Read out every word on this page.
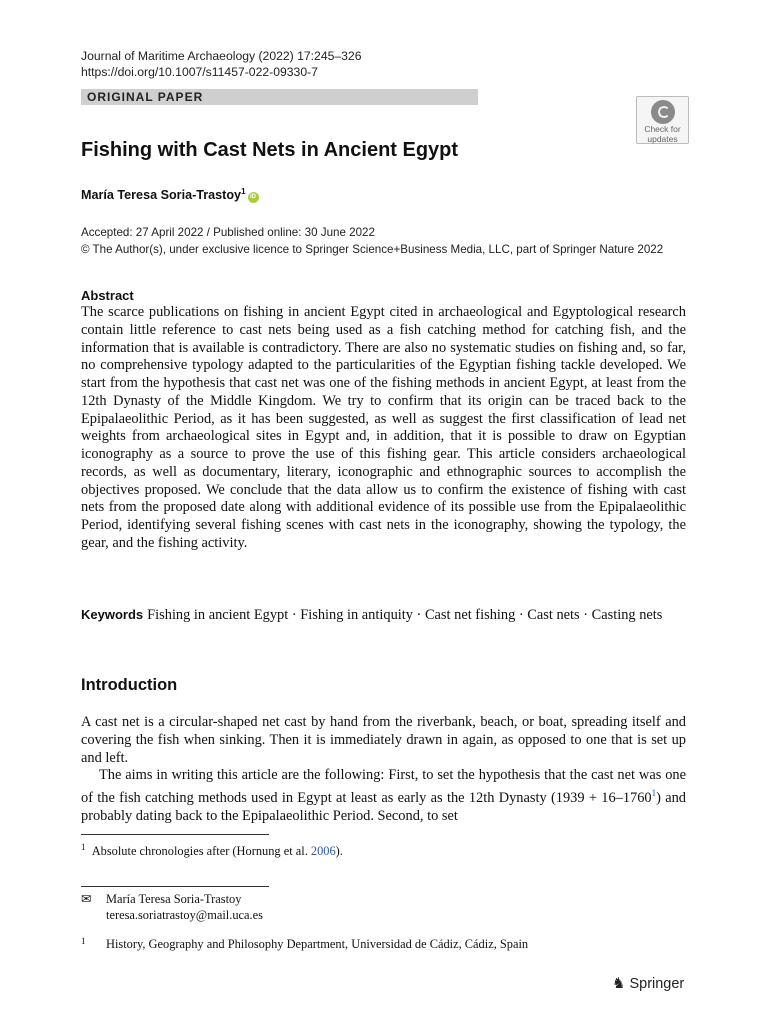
Journal of Maritime Archaeology (2022) 17:245–326
https://doi.org/10.1007/s11457-022-09330-7
ORIGINAL PAPER
Check for
updates
Fishing with Cast Nets in Ancient Egypt
María Teresa Soria-Trastoy$^1$iD
Accepted: 27 April 2022 / Published online: 30 June 2022
© The Author(s), under exclusive licence to Springer Science+Business Media, LLC, part of Springer Nature 2022
Abstract

The scarce publications on fishing in ancient Egypt cited in archaeological and Egyptological research contain little reference to cast nets being used as a fish catching method for catching fish, and the information that is available is contradictory. There are also no systematic studies on fishing and, so far, no comprehensive typology adapted to the particularities of the Egyptian fishing tackle developed. We start from the hypothesis that cast net was one of the fishing methods in ancient Egypt, at least from the 12th Dynasty of the Middle Kingdom. We try to confirm that its origin can be traced back to the Epipalaeolithic Period, as it has been suggested, as well as suggest the first classification of lead net weights from archaeological sites in Egypt and, in addition, that it is possible to draw on Egyptian iconography as a source to prove the use of this fishing gear. This article considers archaeological records, as well as documentary, literary, iconographic and ethnographic sources to accomplish the objectives proposed. We conclude that the data allow us to confirm the existence of fishing with cast nets from the proposed date along with additional evidence of its possible use from the Epipalaeolithic Period, identifying several fishing scenes with cast nets in the iconography, showing the typology, the gear, and the fishing activity.

Keywords Fishing in ancient Egypt · Fishing in antiquity · Cast net fishing · Cast nets · Casting nets
Introduction

A cast net is a circular-shaped net cast by hand from the riverbank, beach, or boat, spreading itself and covering the fish when sinking. Then it is immediately drawn in again, as opposed to one that is set up and left.

The aims in writing this article are the following: First, to set the hypothesis that the cast net was one of the fish catching methods used in Egypt at least as early as the 12th Dynasty $(1939 + 16-1760^1)$ and probably dating back to the Epipalaeolithic Period. Second, to set

$^1$ Absolute chronologies after (Hornung et al. 2006).
✉ María Teresa Soria-Trastoy
teresa.soriatrastoy@mail.uca.es
1 History, Geography and Philosophy Department, Universidad de Cádiz, Cádiz, Spain
♞ Springer
